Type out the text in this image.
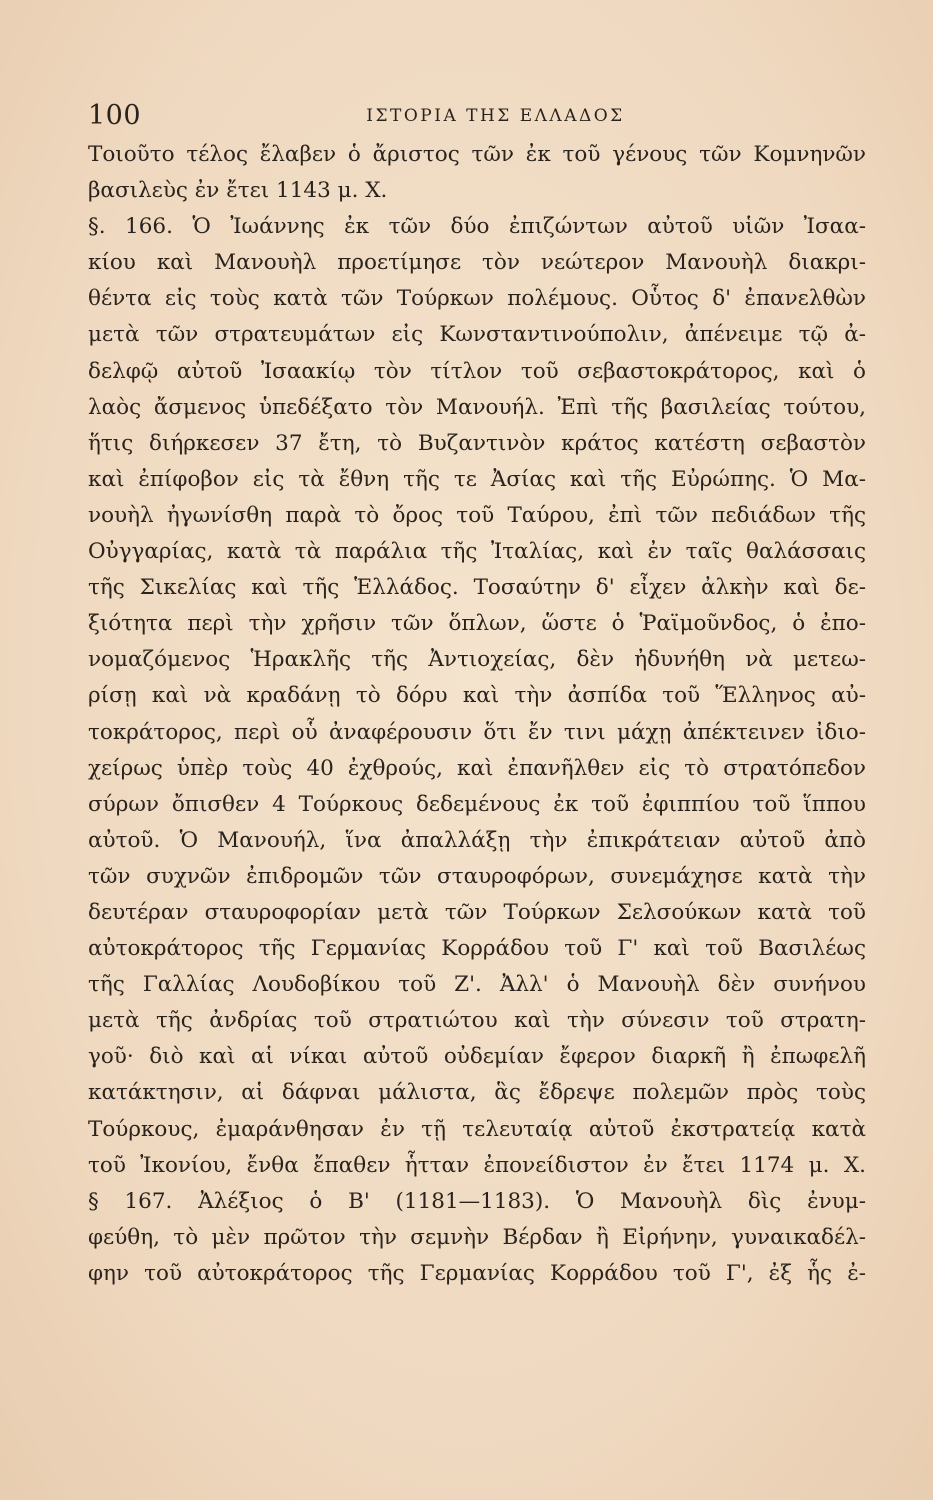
100	ΙΣΤΟΡΙΑ ΤΗΣ ΕΛΛΑΔΟΣ
Τοιοῦτο τέλος ἔλαβεν ὁ ἄριστος τῶν ἐκ τοῦ γένους τῶν Κομνηνῶν
βασιλεὺς ἐν ἔτει 1143 μ. Χ.
§. 166. Ὁ Ἰωάννης ἐκ τῶν δύο ἐπιζώντων αὐτοῦ υἱῶν Ἰσαα-
κίου καὶ Μανουὴλ προετίμησε τὸν νεώτερον Μανουὴλ διακρι-
θέντα εἰς τοὺς κατὰ τῶν Τούρκων πολέμους. Οὗτος δ' ἐπανελθὼν
μετὰ τῶν στρατευμάτων εἰς Κωνσταντινούπολιν, ἀπένειμε τῷ ἀ-
δελφῷ αὐτοῦ Ἰσαακίῳ τὸν τίτλον τοῦ σεβαστοκράτορος, καὶ ὁ
λαὸς ἄσμενος ὑπεδέξατο τὸν Μανουήλ. Ἐπὶ τῆς βασιλείας τούτου,
ἥτις διήρκεσεν 37 ἔτη, τὸ Βυζαντινὸν κράτος κατέστη σεβαστὸν
καὶ ἐπίφοβον εἰς τὰ ἔθνη τῆς τε Ἀσίας καὶ τῆς Εὐρώπης. Ὁ Μα-
νουὴλ ἠγωνίσθη παρὰ τὸ ὄρος τοῦ Ταύρου, ἐπὶ τῶν πεδιάδων τῆς
Οὐγγαρίας, κατὰ τὰ παράλια τῆς Ἰταλίας, καὶ ἐν ταῖς θαλάσσαις
τῆς Σικελίας καὶ τῆς Ἑλλάδος. Τοσαύτην δ' εἶχεν ἀλκὴν καὶ δε-
ξιότητα περὶ τὴν χρῆσιν τῶν ὅπλων, ὥστε ὁ Ῥαϊμοῦνδος, ὁ ἐπο-
νομαζόμενος Ἡρακλῆς τῆς Ἀντιοχείας, δὲν ἠδυνήθη νὰ μετεω-
ρίσῃ καὶ νὰ κραδάνῃ τὸ δόρυ καὶ τὴν ἀσπίδα τοῦ Ἕλληνος αὐ-
τοκράτορος, περὶ οὗ ἀναφέρουσιν ὅτι ἔν τινι μάχῃ ἀπέκτεινεν ἰδιο-
χείρως ὑπὲρ τοὺς 40 ἐχθρούς, καὶ ἐπανῆλθεν εἰς τὸ στρατόπεδον
σύρων ὄπισθεν 4 Τούρκους δεδεμένους ἐκ τοῦ ἐφιππίου τοῦ ἵππου
αὐτοῦ. Ὁ Μανουήλ, ἵνα ἀπαλλάξῃ τὴν ἐπικράτειαν αὐτοῦ ἀπὸ
τῶν συχνῶν ἐπιδρομῶν τῶν σταυροφόρων, συνεμάχησε κατὰ τὴν
δευτέραν σταυροφορίαν μετὰ τῶν Τούρκων Σελσούκων κατὰ τοῦ
αὐτοκράτορος τῆς Γερμανίας Κορράδου τοῦ Γ' καὶ τοῦ Βασιλέως
τῆς Γαλλίας Λουδοβίκου τοῦ Ζ'. Ἀλλ' ὁ Μανουὴλ δὲν συνήνου
μετὰ τῆς ἀνδρίας τοῦ στρατιώτου καὶ τὴν σύνεσιν τοῦ στρατη-
γοῦ· διὸ καὶ αἱ νίκαι αὐτοῦ οὐδεμίαν ἔφερον διαρκῆ ἢ ἐπωφελῆ
κατάκτησιν, αἱ δάφναι μάλιστα, ἃς ἔδρεψε πολεμῶν πρὸς τοὺς
Τούρκους, ἐμαράνθησαν ἐν τῇ τελευταίᾳ αὐτοῦ ἐκστρατείᾳ κατὰ
τοῦ Ἰκονίου, ἔνθα ἔπαθεν ἧτταν ἐπονείδιστον ἐν ἔτει 1174 μ. Χ.
§ 167. Ἀλέξιος ὁ Β' (1181—1183). Ὁ Μανουὴλ δὶς ἐνυμ-
φεύθη, τὸ μὲν πρῶτον τὴν σεμνὴν Βέρδαν ἢ Εἰρήνην, γυναικαδέλ-
φην τοῦ αὐτοκράτορος τῆς Γερμανίας Κορράδου τοῦ Γ', ἐξ ἧς ἐ-
